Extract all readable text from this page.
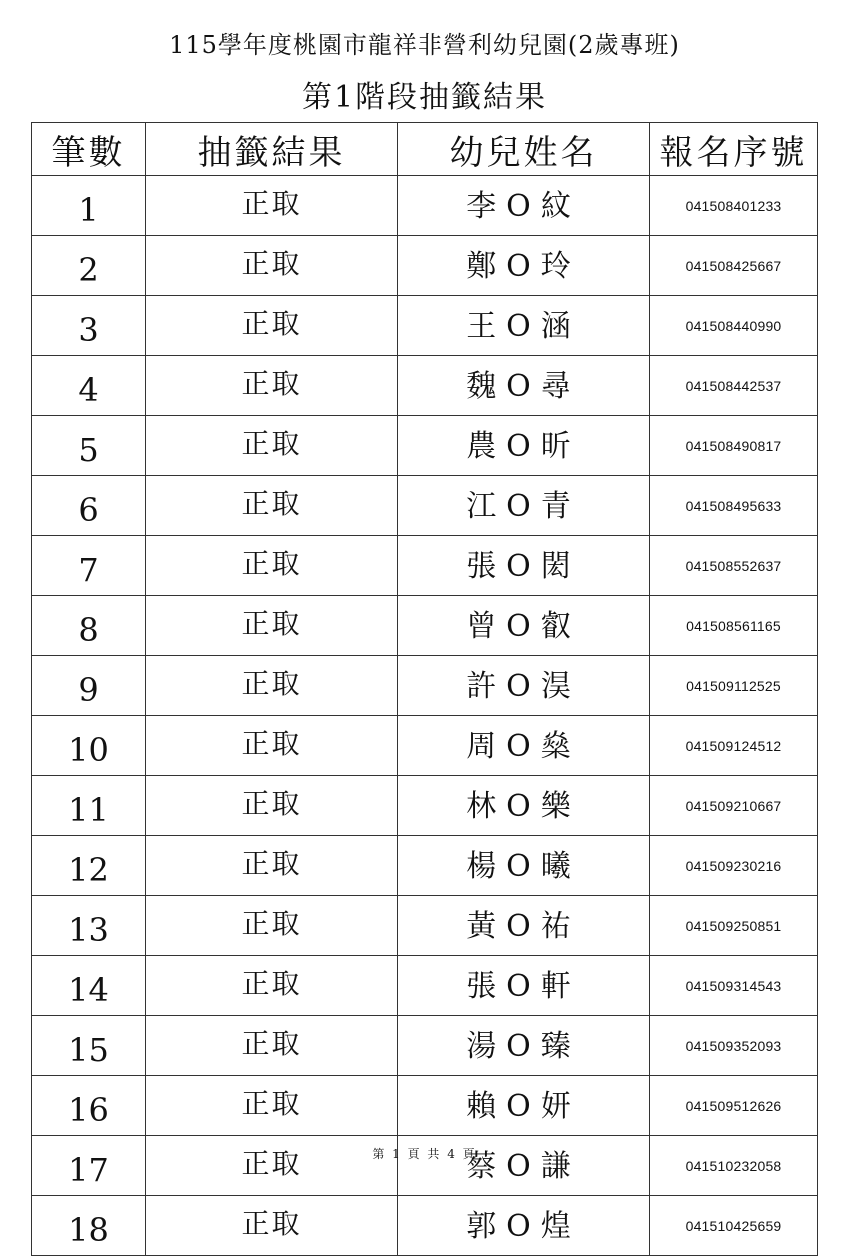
115學年度桃園市龍祥非營利幼兒園(2歲專班)
第1階段抽籤結果
筆數	抽籤結果	幼兒姓名	報名序號
1	正取	李O紋	041508401233
2	正取	鄭O玲	041508425667
3	正取	王O涵	041508440990
4	正取	魏O尋	041508442537
5	正取	農O昕	041508490817
6	正取	江O青	041508495633
7	正取	張O閎	041508552637
8	正取	曾O叡	041508561165
9	正取	許O淏	041509112525
10	正取	周O燊	041509124512
11	正取	林O樂	041509210667
12	正取	楊O曦	041509230216
13	正取	黃O祐	041509250851
14	正取	張O軒	041509314543
15	正取	湯O臻	041509352093
16	正取	賴O妍	041509512626
17	正取	蔡O謙	041510232058
18	正取	郭O煌	041510425659
第 1 頁 共 4 頁
